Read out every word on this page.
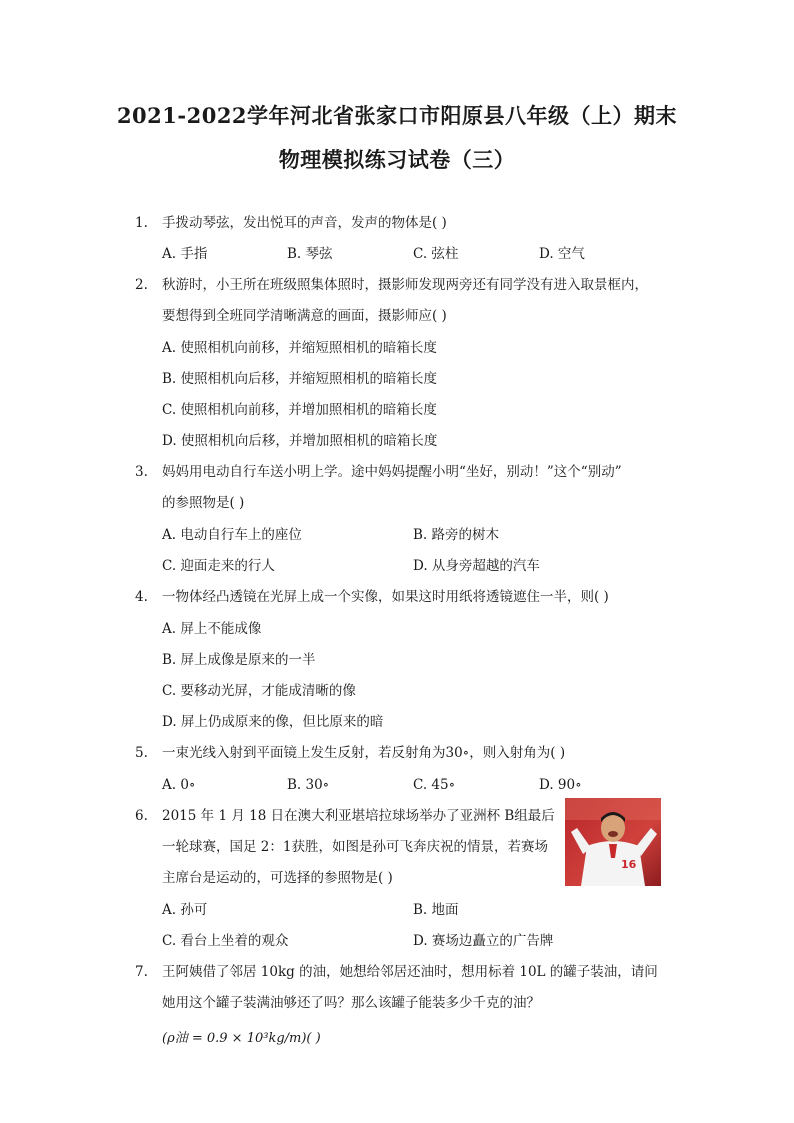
2021-2022学年河北省张家口市阳原县八年级（上）期末
物理模拟练习试卷（三）
1. 手拨动琴弦，发出悦耳的声音，发声的物体是( )
A. 手指	B. 琴弦	C. 弦柱	D. 空气
2. 秋游时，小王所在班级照集体照时，摄影师发现两旁还有同学没有进入取景框内，
要想得到全班同学清晰满意的画面，摄影师应( )
A. 使照相机向前移，并缩短照相机的暗箱长度
B. 使照相机向后移，并缩短照相机的暗箱长度
C. 使照相机向前移，并增加照相机的暗箱长度
D. 使照相机向后移，并增加照相机的暗箱长度
3. 妈妈用电动自行车送小明上学。途中妈妈提醒小明“坐好，别动！”这个“别动”
的参照物是( )
A. 电动自行车上的座位	B. 路旁的树木
C. 迎面走来的行人	D. 从身旁超越的汽车
4. 一物体经凸透镜在光屏上成一个实像，如果这时用纸将透镜遮住一半，则( )
A. 屏上不能成像
B. 屏上成像是原来的一半
C. 要移动光屏，才能成清晰的像
D. 屏上仍成原来的像，但比原来的暗
5. 一束光线入射到平面镜上发生反射，若反射角为30∘，则入射角为( )
A. 0∘	B. 30∘	C. 45∘	D. 90∘
6. 2015 年 1 月 18 日在澳大利亚堪培拉球场举办了亚洲杯 B组最后
一轮球赛，国足 2：1获胜，如图是孙可飞奔庆祝的情景，若赛场
主席台是运动的，可选择的参照物是( )
16
A. 孙可	B. 地面
C. 看台上坐着的观众	D. 赛场边矗立的广告牌
7. 王阿姨借了邻居 10kg 的油，她想给邻居还油时，想用标着 10L 的罐子装油，请问
她用这个罐子装满油够还了吗？那么该罐子能装多少千克的油？
(ρ油 = 0.9 × 10³kg/m)( )
